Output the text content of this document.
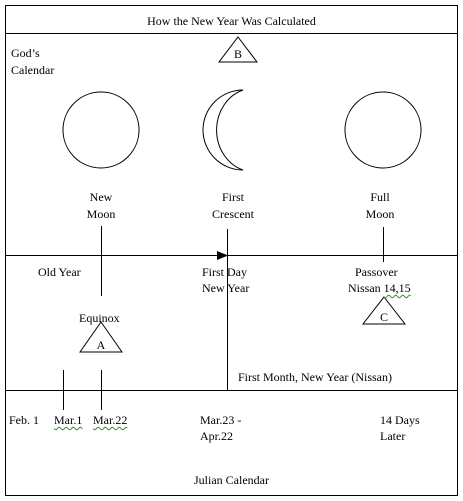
How the New Year Was Calculated
God’s
Calendar
B
A
C
New
Moon
First
Crescent
Full
Moon
Old Year	First Day
New Year
Passover
Nissan 14,15
Equinox
First Month, New Year (Nissan)
Feb. 1 Mar.1 Mar.22	Mar.23 -
Apr.22
14 Days
Later
Julian Calendar
